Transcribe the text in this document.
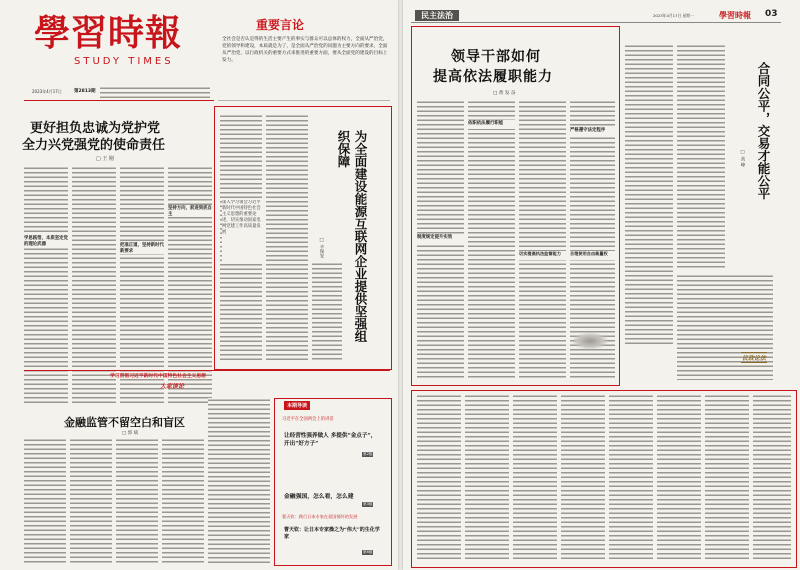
學習時報
STUDY TIMES
2023年4月17日	第2813期
重要言论
全社会是否认是得的生活主要产生的事实与群众可以总体的权力，全面从严治党，党的领导和建设，本质就是为了，是全面从严治党的问题为主要方向的要求，全面从严治党，以行政机关的重要方式来推进的重要方面，要从全面党的建设的目标上发力。
更好担负忠诚为党护党
全力兴党强党的使命责任
□ 王 刚
学思践悟，本质坚定党的理论武器	把准正道，坚持新时代新要求
坚持方向，前进到底自主
深入学习领会习近平新时代中国特色社会主义思想的重要论述，切实推动国家电网党建工作高质量发展	为全面建设能源互联网企业提供坚强组织保障
□ 辛保安
学习贯彻习近平新时代中国特色社会主义思想
大家谈论
金融监管不留空白和盲区
□ 郭 斌
本期导读
习近平在全国两会上的讲话
让经营性强养做人 多提供“金点子”，开出“好方子”
第2版
金融强国，怎么看，怎么建
第3版
曹天钦：践行日本专家在爱国情怀的发展
曹天钦：让日本专家操之为“伟大”的生化学家
第6版
民主法治	2023年4月17日 星期一	學習時報 03
领导干部如何
提高依法履职能力
□ 黄 发 奋
依职依法履行职能
严格遵守法定程序
制度规定提升实效
切实提高执法监督能力	合理使用自由裁量权
合同公平，交易才能公平
□ 高 峰
议政论法
